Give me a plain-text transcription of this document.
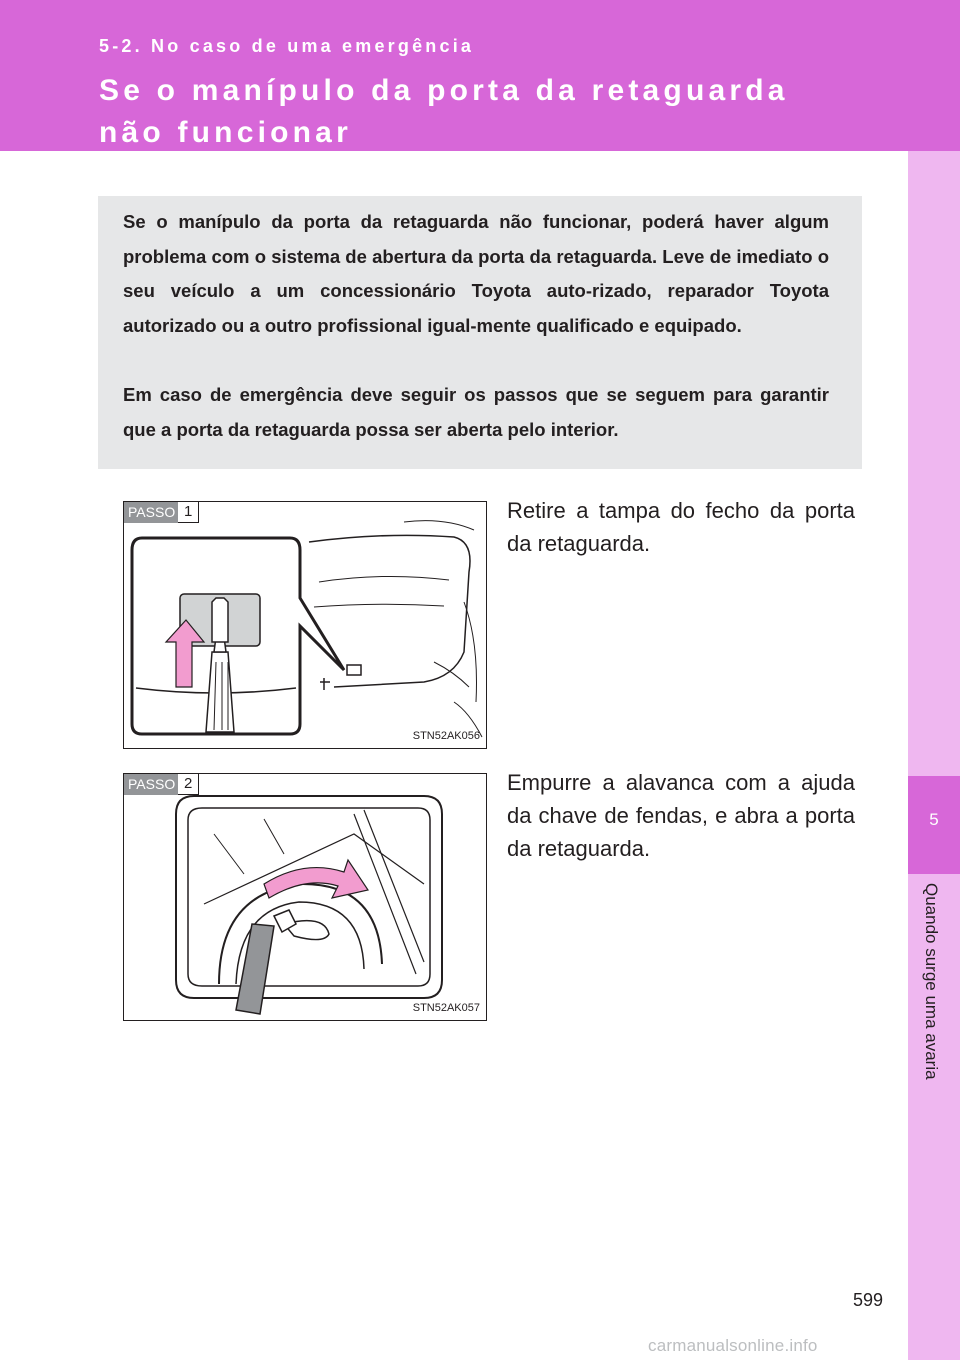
5-2. No caso de uma emergência
Se o manípulo da porta da retaguarda não funcionar
5
Quando surge uma avaria

Se o manípulo da porta da retaguarda não funcionar, poderá haver algum problema com o sistema de abertura da porta da retaguarda. Leve de imediato o seu veículo a um concessionário Toyota auto-rizado, reparador Toyota autorizado ou a outro profissional igual-mente qualificado e equipado.

Em caso de emergência deve seguir os passos que se seguem para garantir que a porta da retaguarda possa ser aberta pelo interior.

PASSO 1
STN52AK056

Retire a tampa do fecho da porta da retaguarda.

PASSO 2
STN52AK057

Empurre a alavanca com a ajuda da chave de fendas, e abra a porta da retaguarda.

599
carmanualsonline.info
